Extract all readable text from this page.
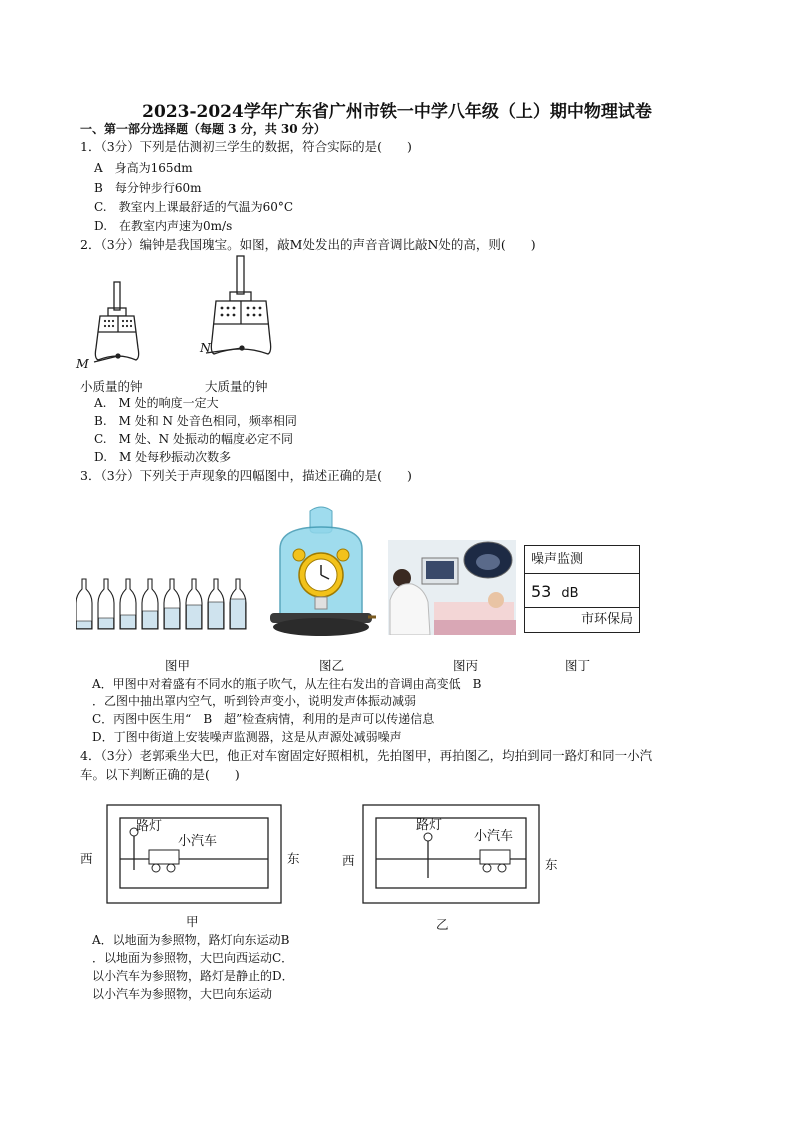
2023-2024学年广东省广州市铁一中学八年级（上）期中物理试卷
一、第一部分选择题（每题 3 分，共 30 分）
1．（3分）下列是估测初三学生的数据，符合实际的是(　　)
A　身高为165dm
B　每分钟步行60m
C.　教室内上课最舒适的气温为60°C
D.　在教室内声速为0m/s
2．（3分）编钟是我国瑰宝。如图，敲M处发出的声音音调比敲N处的高，则(　　)
M
N
小质量的钟	大质量的钟
A.　M 处的响度一定大
B.　M 处和 N 处音色相同，频率相同
C.　M 处、N 处振动的幅度必定不同
D.　M 处每秒振动次数多
3．（3分）下列关于声现象的四幅图中，描述正确的是(　　)
噪声监测
53 dB
市环保局
图甲	图乙	图丙	图丁
A．甲图中对着盛有不同水的瓶子吹气，从左往右发出的音调由高变低　B
．乙图中抽出罩内空气，听到铃声变小，说明发声体振动减弱
C．丙图中医生用“　B　超”检查病情，利用的是声可以传递信息
D．丁图中街道上安装噪声监测器，这是从声源处减弱噪声
4．（3分）老郭乘坐大巴，他正对车窗固定好照相机，先拍图甲，再拍图乙，均拍到同一路灯和同一小汽
车。以下判断正确的是(　　)
路灯
小汽车
西	东
甲
路灯
小汽车
西	东
乙
A．以地面为参照物，路灯向东运动B
．以地面为参照物，大巴向西运动C．
以小汽车为参照物，路灯是静止的D．
以小汽车为参照物，大巴向东运动
